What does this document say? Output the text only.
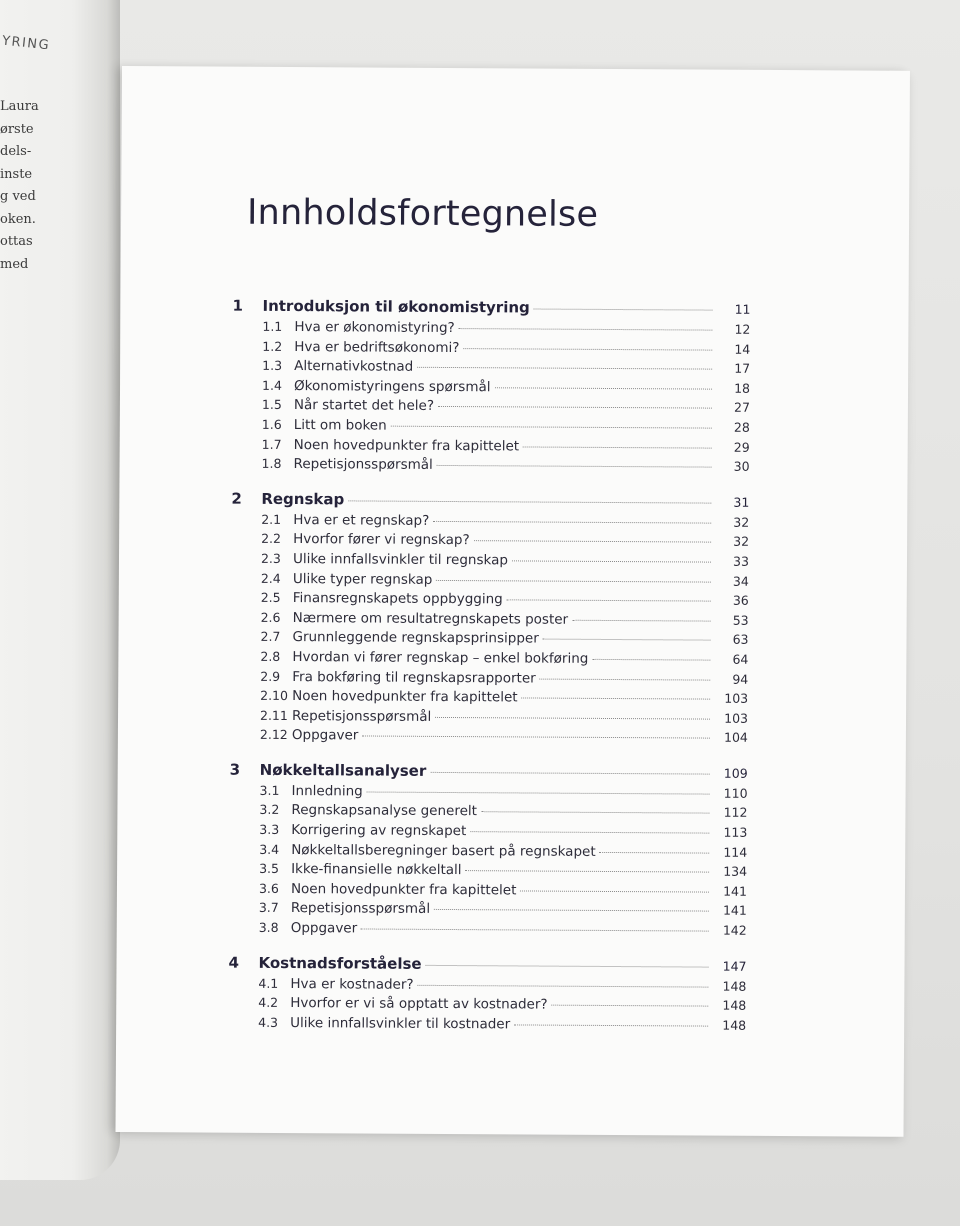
YRING
Laura
ørste
dels-
inste
g ved
oken.
ottas
med
Innholdsfortegnelse
1	Introduksjon til økonomistyring	11
1.1 Hva er økonomistyring?	12
1.2 Hva er bedriftsøkonomi?	14
1.3 Alternativkostnad	17
1.4 Økonomistyringens spørsmål	18
1.5 Når startet det hele?	27
1.6 Litt om boken	28
1.7 Noen hovedpunkter fra kapittelet	29
1.8 Repetisjonsspørsmål	30
2	Regnskap	31
2.1 Hva er et regnskap?	32
2.2 Hvorfor fører vi regnskap?	32
2.3 Ulike innfallsvinkler til regnskap	33
2.4 Ulike typer regnskap	34
2.5 Finansregnskapets oppbygging	36
2.6 Nærmere om resultatregnskapets poster	53
2.7 Grunnleggende regnskapsprinsipper	63
2.8 Hvordan vi fører regnskap – enkel bokføring	64
2.9 Fra bokføring til regnskapsrapporter	94
2.10 Noen hovedpunkter fra kapittelet	103
2.11 Repetisjonsspørsmål	103
2.12 Oppgaver	104
3	Nøkkeltallsanalyser	109
3.1 Innledning	110
3.2 Regnskapsanalyse generelt	112
3.3 Korrigering av regnskapet	113
3.4 Nøkkeltallsberegninger basert på regnskapet	114
3.5 Ikke-finansielle nøkkeltall	134
3.6 Noen hovedpunkter fra kapittelet	141
3.7 Repetisjonsspørsmål	141
3.8 Oppgaver	142
4	Kostnadsforståelse	147
4.1 Hva er kostnader?	148
4.2 Hvorfor er vi så opptatt av kostnader?	148
4.3 Ulike innfallsvinkler til kostnader	148
